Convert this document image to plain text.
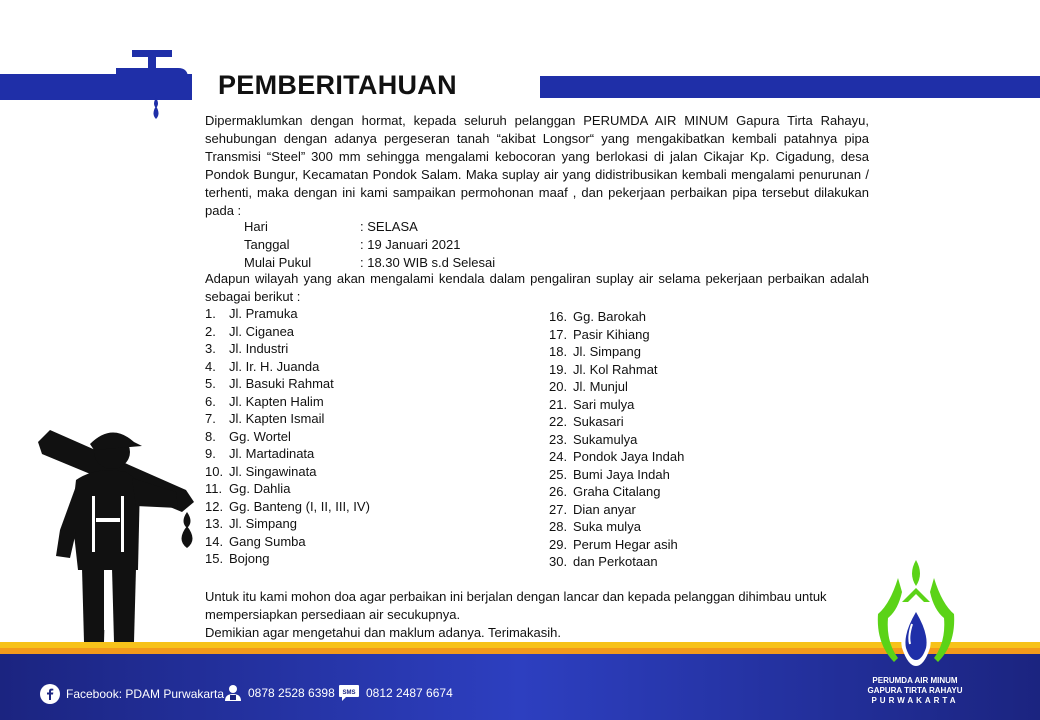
PEMBERITAHUAN
Dipermaklumkan dengan hormat, kepada seluruh pelanggan PERUMDA AIR MINUM Gapura Tirta Rahayu, sehubungan dengan adanya pergeseran tanah “akibat Longsor“ yang mengakibatkan kembali patahnya pipa Transmisi “Steel” 300 mm sehingga mengalami kebocoran yang berlokasi di jalan Cikajar Kp. Cigadung, desa Pondok Bungur, Kecamatan Pondok Salam. Maka suplay air yang didistribusikan kembali mengalami penurunan / terhenti, maka dengan ini kami sampaikan permohonan maaf , dan pekerjaan perbaikan pipa tersebut dilakukan pada :
Hari	: SELASA
Tanggal	: 19 Januari 2021
Mulai Pukul	: 18.30 WIB s.d Selesai
Adapun wilayah yang akan mengalami kendala dalam pengaliran suplay air selama pekerjaan perbaikan adalah sebagai berikut :
1. Jl. Pramuka
2. Jl. Ciganea
3. Jl. Industri
4. Jl. Ir. H. Juanda
5. Jl. Basuki Rahmat
6. Jl. Kapten Halim
7. Jl. Kapten Ismail
8. Gg. Wortel
9. Jl. Martadinata
10. Jl. Singawinata
11. Gg. Dahlia
12. Gg. Banteng (I, II, III, IV)
13. Jl. Simpang
14. Gang Sumba
15. Bojong
16. Gg. Barokah
17. Pasir Kihiang
18. Jl. Simpang
19. Jl. Kol Rahmat
20. Jl. Munjul
21. Sari mulya
22. Sukasari
23. Sukamulya
24. Pondok Jaya Indah
25. Bumi Jaya Indah
26. Graha Citalang
27. Dian anyar
28. Suka mulya
29. Perum Hegar asih
30. dan Perkotaan

Untuk itu kami mohon doa agar perbaikan ini berjalan dengan lancar dan kepada pelanggan dihimbau untuk mempersiapkan persediaan air secukupnya.

Demikian agar mengetahui dan maklum adanya. Terimakasih.

Facebook: PDAM Purwakarta 0878 2528 6398 SMS 0812 2487 6674
PERUMDA AIR MINUM
GAPURA TIRTA RAHAYU
PURWAKARTA
